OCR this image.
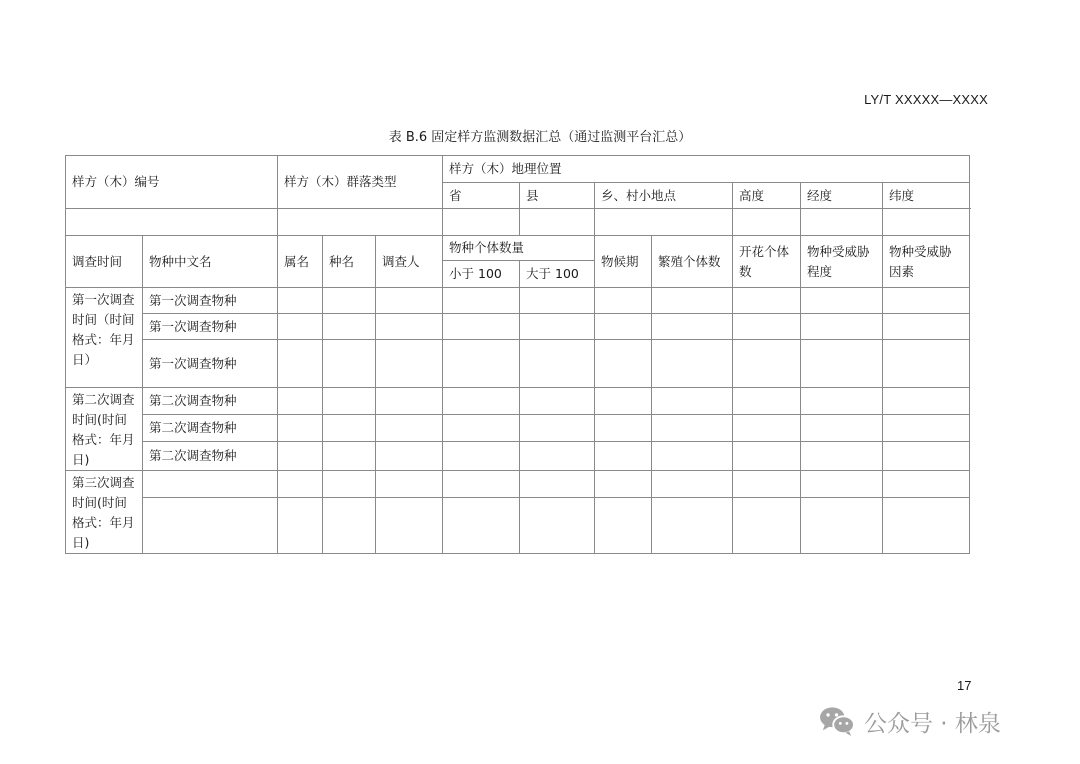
LY/T XXXXX—XXXX
表 B.6 固定样方监测数据汇总（通过监测平台汇总）
样方（木）编号		样方（木）群落类型			样方（木）地理位置						
					省	县	乡、村小地点		高度	经度	纬度

调查时间	物种中文名	属名	种名	调查人	物种个体数量		物候期	繁殖个体数	开花个体数	物种受威胁程度	物种受威胁因素
					小于 100	大于 100					
第一次调查时间（时间格式：年月日）	第一次调查物种										
	第一次调查物种										
	第一次调查物种										
第二次调查时间(时间格式：年月日)	第二次调查物种										
	第二次调查物种										
	第二次调查物种										
第三次调查时间(时间格式：年月日)											

17
公众号 · 林泉
